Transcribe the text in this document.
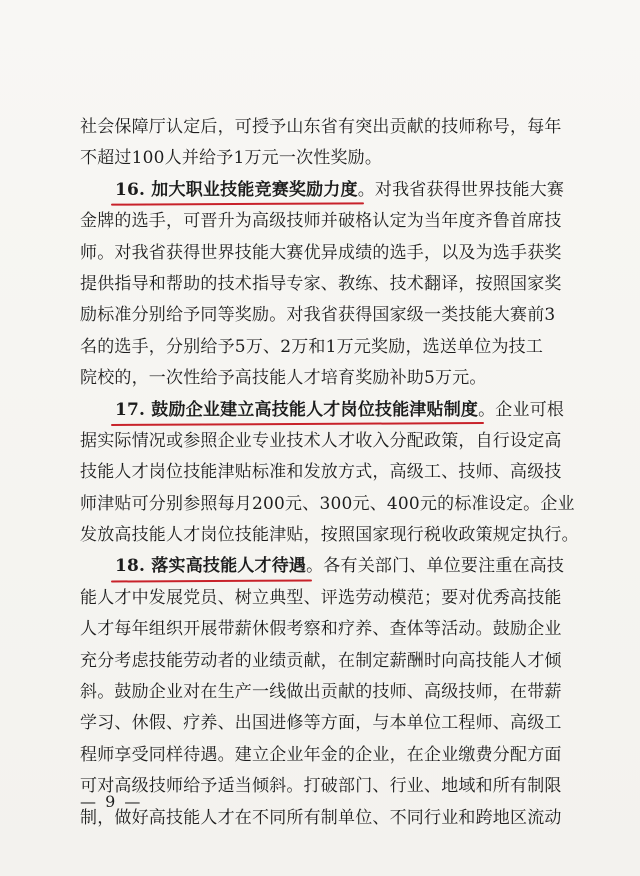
社会保障厅认定后，可授予山东省有突出贡献的技师称号，每年
不超过100人并给予1万元一次性奖励。
16. 加大职业技能竞赛奖励力度。对我省获得世界技能大赛
金牌的选手，可晋升为高级技师并破格认定为当年度齐鲁首席技
师。对我省获得世界技能大赛优异成绩的选手，以及为选手获奖
提供指导和帮助的技术指导专家、教练、技术翻译，按照国家奖
励标准分别给予同等奖励。对我省获得国家级一类技能大赛前3
名的选手，分别给予5万、2万和1万元奖励，选送单位为技工
院校的，一次性给予高技能人才培育奖励补助5万元。
17. 鼓励企业建立高技能人才岗位技能津贴制度。企业可根
据实际情况或参照企业专业技术人才收入分配政策，自行设定高
技能人才岗位技能津贴标准和发放方式，高级工、技师、高级技
师津贴可分别参照每月200元、300元、400元的标准设定。企业
发放高技能人才岗位技能津贴，按照国家现行税收政策规定执行。
18. 落实高技能人才待遇。各有关部门、单位要注重在高技
能人才中发展党员、树立典型、评选劳动模范；要对优秀高技能
人才每年组织开展带薪休假考察和疗养、查体等活动。鼓励企业
充分考虑技能劳动者的业绩贡献，在制定薪酬时向高技能人才倾
斜。鼓励企业对在生产一线做出贡献的技师、高级技师，在带薪
学习、休假、疗养、出国进修等方面，与本单位工程师、高级工
程师享受同样待遇。建立企业年金的企业，在企业缴费分配方面
可对高级技师给予适当倾斜。打破部门、行业、地域和所有制限
制，做好高技能人才在不同所有制单位、不同行业和跨地区流动
— 9 —
